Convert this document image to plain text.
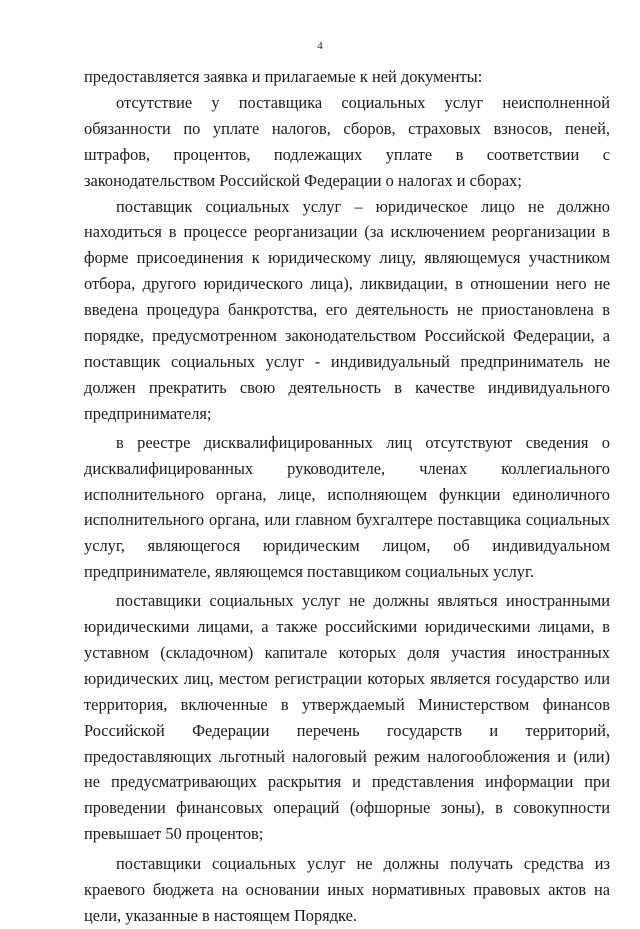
4

предоставляется заявка и прилагаемые к ней документы:

отсутствие у поставщика социальных услуг неисполненной обязанности по уплате налогов, сборов, страховых взносов, пеней, штрафов, процентов, подлежащих уплате в соответствии с законодательством Российской Федерации о налогах и сборах;

поставщик социальных услуг – юридическое лицо не должно находиться в процессе реорганизации (за исключением реорганизации в форме присоединения к юридическому лицу, являющемуся участником отбора, другого юридического лица), ликвидации, в отношении него не введена процедура банкротства, его деятельность не приостановлена в порядке, предусмотренном законодательством Российской Федерации, а поставщик социальных услуг - индивидуальный предприниматель не должен прекратить свою деятельность в качестве индивидуального предпринимателя;

в реестре дисквалифицированных лиц отсутствуют сведения о дисквалифицированных руководителе, членах коллегиального исполнительного органа, лице, исполняющем функции единоличного исполнительного органа, или главном бухгалтере поставщика социальных услуг, являющегося юридическим лицом, об индивидуальном предпринимателе, являющемся поставщиком социальных услуг.

поставщики социальных услуг не должны являться иностранными юридическими лицами, а также российскими юридическими лицами, в уставном (складочном) капитале которых доля участия иностранных юридических лиц, местом регистрации которых является государство или территория, включенные в утверждаемый Министерством финансов Российской Федерации перечень государств и территорий, предоставляющих льготный налоговый режим налогообложения и (или) не предусматривающих раскрытия и представления информации при проведении финансовых операций (офшорные зоны), в совокупности превышает 50 процентов;

поставщики социальных услуг не должны получать средства из краевого бюджета на основании иных нормативных правовых актов на цели, указанные в настоящем Порядке.
